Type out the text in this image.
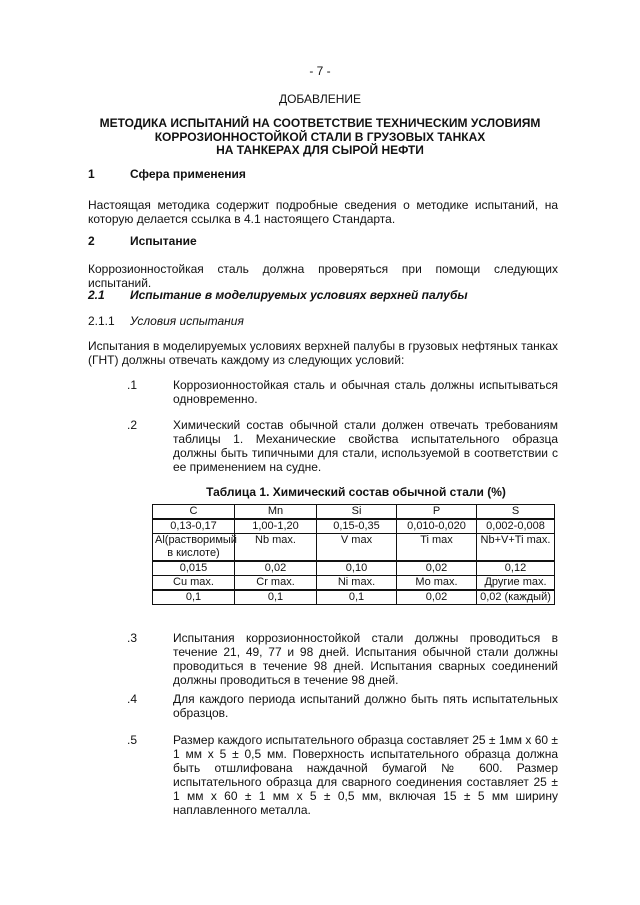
- 7 -
ДОБАВЛЕНИЕ
МЕТОДИКА ИСПЫТАНИЙ НА СООТВЕТСТВИЕ ТЕХНИЧЕСКИМ УСЛОВИЯМ
КОРРОЗИОННОСТОЙКОЙ СТАЛИ В ГРУЗОВЫХ ТАНКАХ
НА ТАНКЕРАХ ДЛЯ СЫРОЙ НЕФТИ
1	Сфера применения
Настоящая методика содержит подробные сведения о методике испытаний, на которую делается ссылка в 4.1 настоящего Стандарта.
2	Испытание
Коррозионностойкая сталь должна проверяться при помощи следующих испытаний.
2.1 Испытание в моделируемых условиях верхней палубы
2.1.1 Условия испытания
Испытания в моделируемых условиях верхней палубы в грузовых нефтяных танках (ГНТ) должны отвечать каждому из следующих условий:
.1	Коррозионностойкая сталь и обычная сталь должны испытываться одновременно.
.2	Химический состав обычной стали должен отвечать требованиям таблицы 1. Механические свойства испытательного образца должны быть типичными для стали, используемой в соответствии с ее применением на судне.
Таблица 1. Химический состав обычной стали (%)
C	Mn	Si	P	S
0,13-0,17	1,00-1,20	0,15-0,35	0,010-0,020	0,002-0,008
Al(растворимый в кислоте)	Nb max.	V max	Ti max	Nb+V+Ti max.
0,015	0,02	0,10	0,02	0,12
Cu max.	Cr max.	Ni max.	Mo max.	Другие max.
0,1	0,1	0,1	0,02	0,02 (каждый)
.3	Испытания коррозионностойкой стали должны проводиться в течение 21, 49, 77 и 98 дней. Испытания обычной стали должны проводиться в течение 98 дней. Испытания сварных соединений должны проводиться в течение 98 дней.
.4	Для каждого периода испытаний должно быть пять испытательных образцов.
.5	Размер каждого испытательного образца составляет 25 ± 1мм х 60 ± 1 мм х 5 ± 0,5 мм. Поверхность испытательного образца должна быть отшлифована наждачной бумагой № 600. Размер испытательного образца для сварного соединения составляет 25 ± 1 мм х 60 ± 1 мм х 5 ± 0,5 мм, включая 15 ± 5 мм ширину наплавленного металла.
